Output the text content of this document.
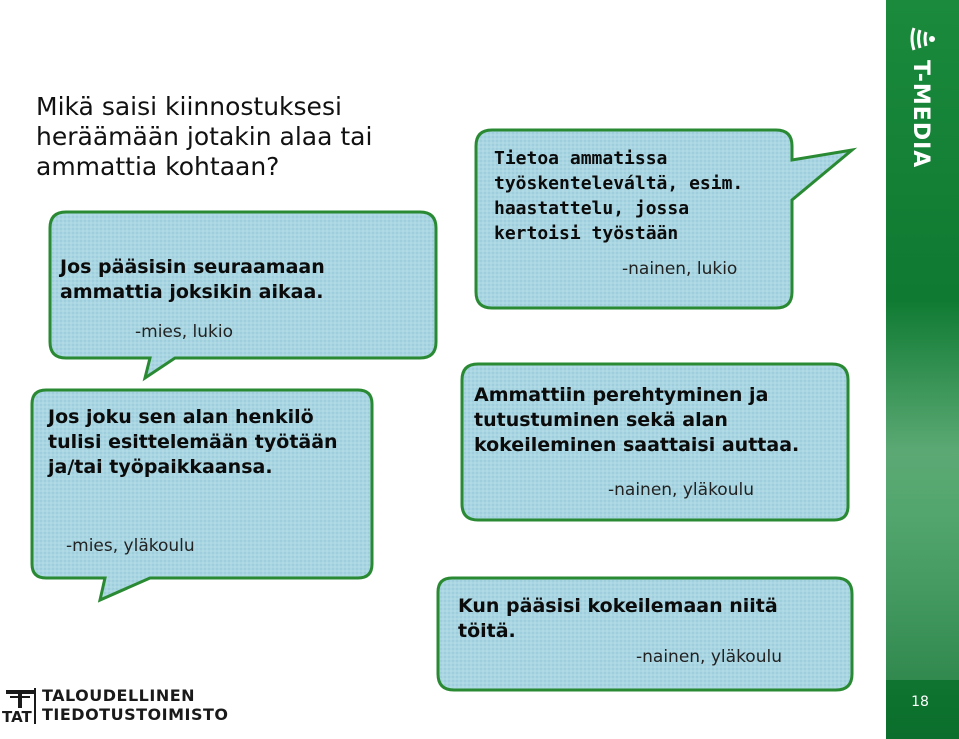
Mikä saisi kiinnostuksesi heräämään jotakin alaa tai ammattia kohtaan?
Jos pääsisin seuraamaan ammattia joksikin aikaa.
-mies, lukio
Tietoa ammatissa työskenteleváltä, esim. haastattelu, jossa kertoisi työstään
-nainen, lukio
Jos joku sen alan henkilö tulisi esittelemään työtään ja/tai työpaikkaansa.
-mies, yläkoulu
Ammattiin perehtyminen ja tutustuminen sekä alan kokeileminen saattaisi auttaa.
-nainen, yläkoulu
Kun pääsisi kokeilemaan niitä töitä.
-nainen, yläkoulu
T-MEDIA
18
TAT
TALOUDELLINEN
TIEDOTUSTOIMISTO
